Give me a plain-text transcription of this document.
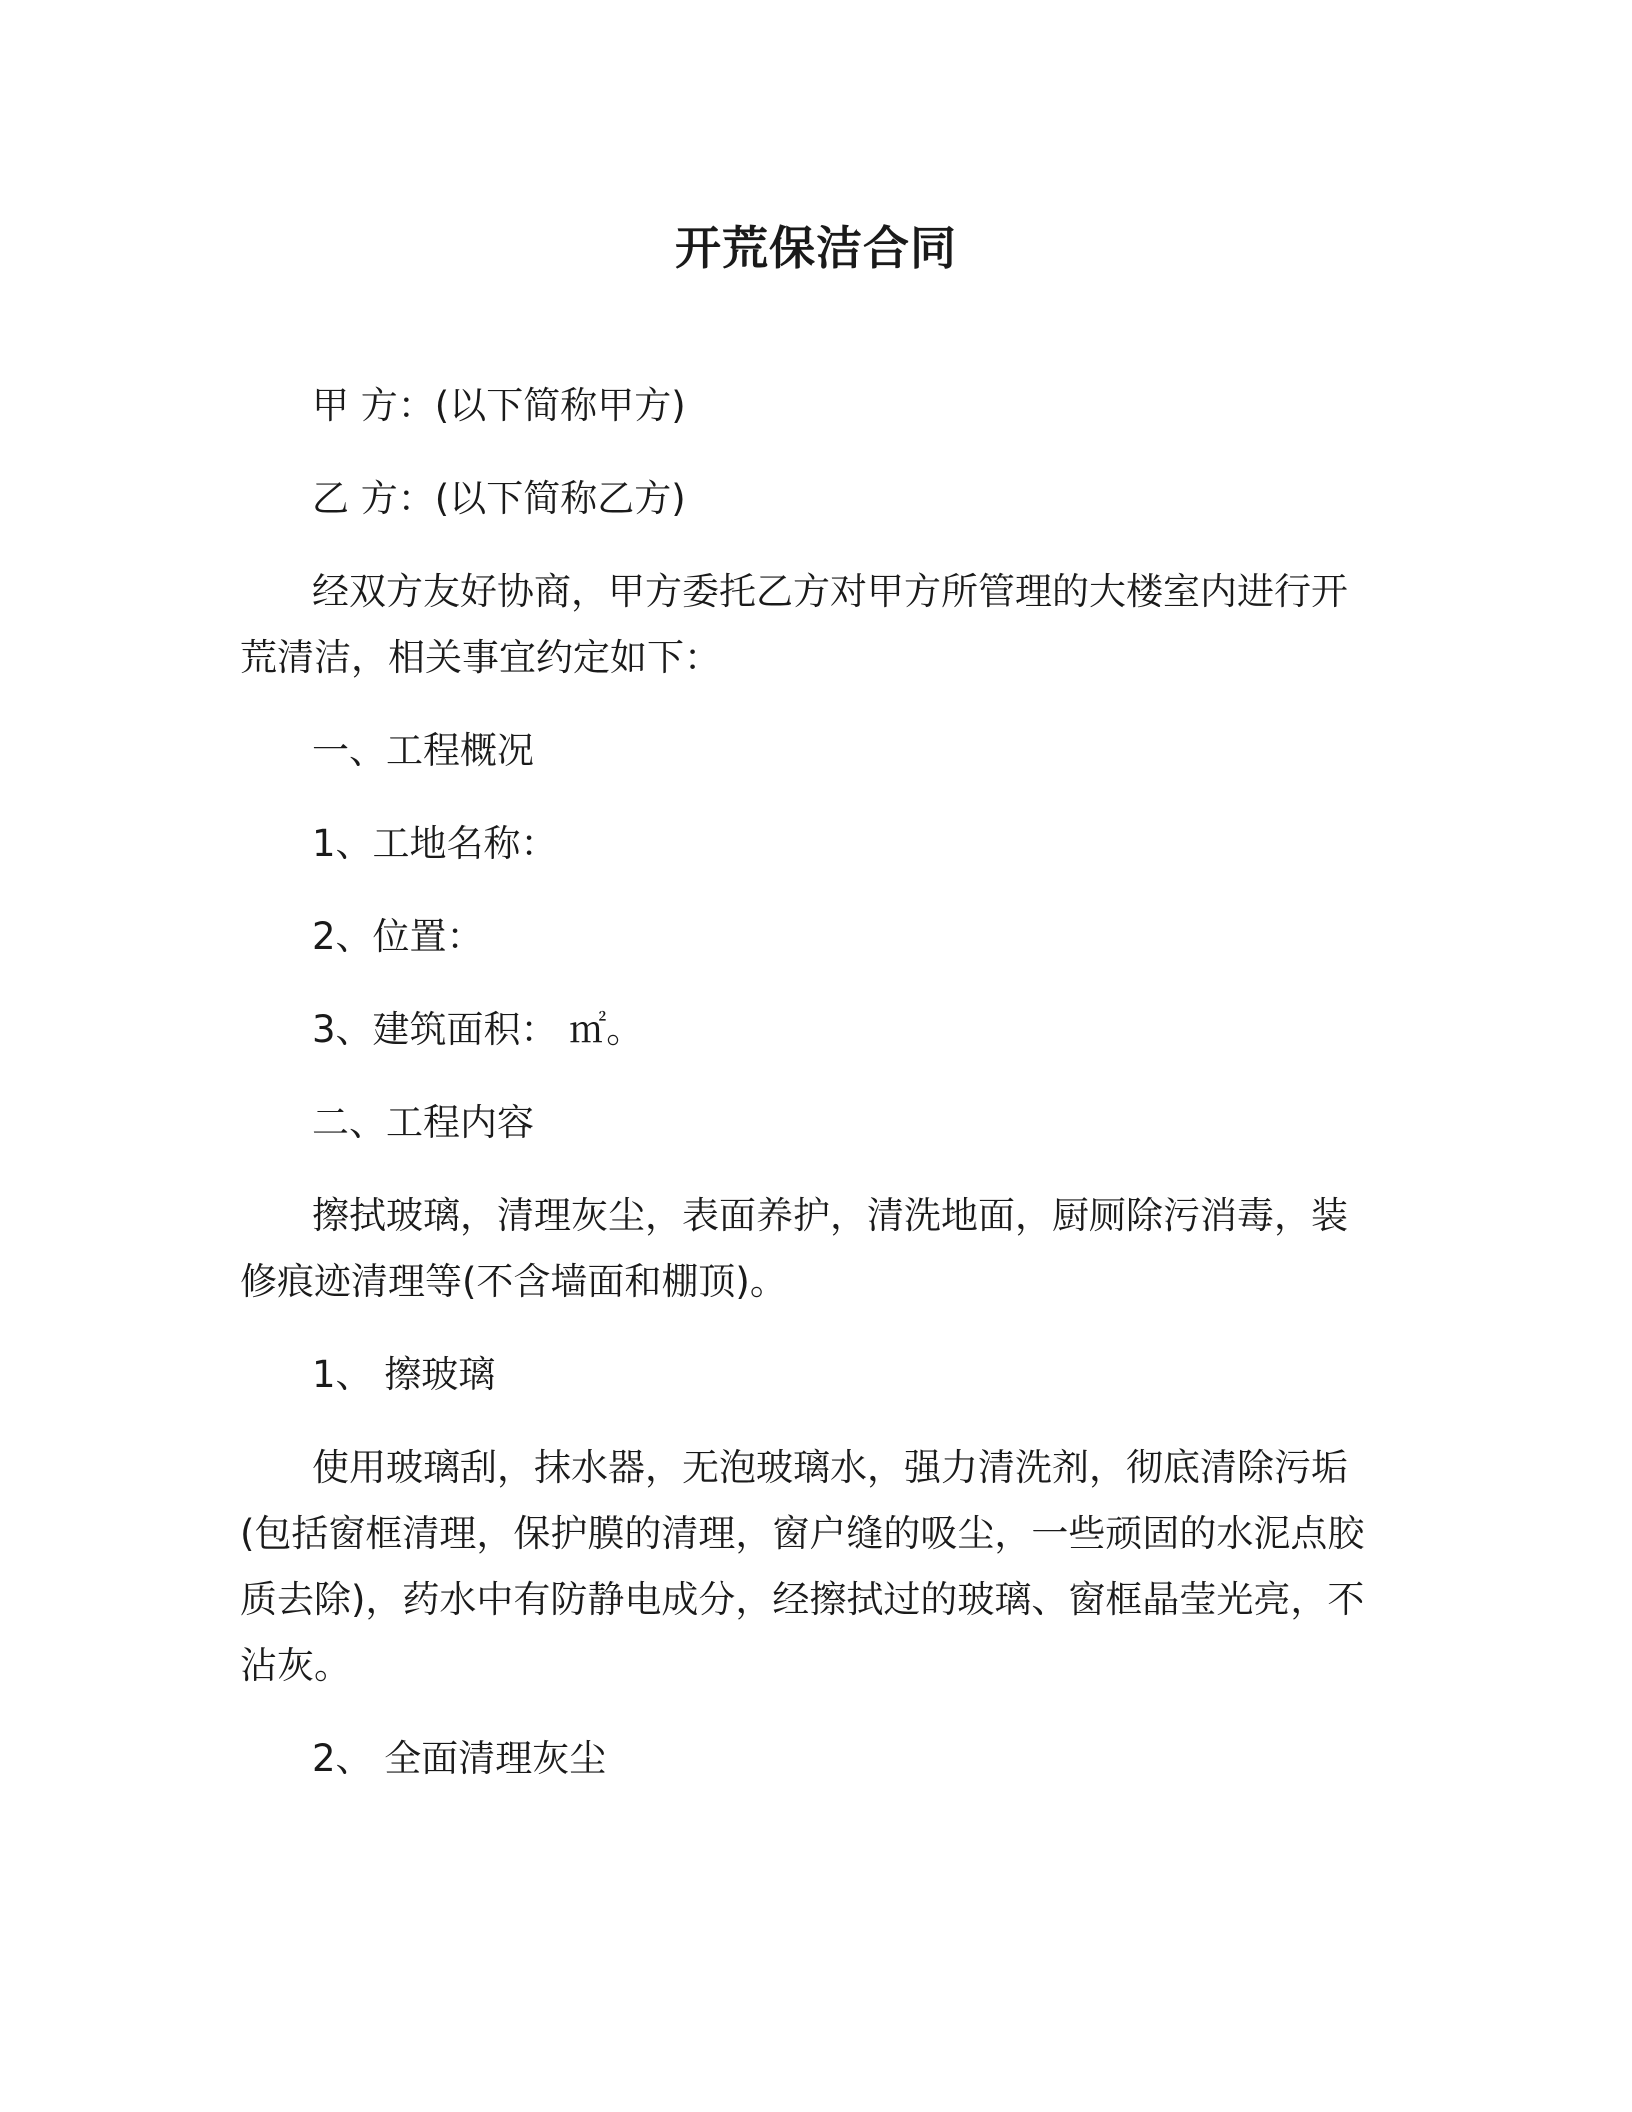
开荒保洁合同
甲 方：(以下简称甲方)
乙 方：(以下简称乙方)
经双方友好协商，甲方委托乙方对甲方所管理的大楼室内进行开
荒清洁，相关事宜约定如下：
一、工程概况
1、工地名称：
2、位置：
3、建筑面积： ㎡。
二、工程内容
擦拭玻璃，清理灰尘，表面养护，清洗地面，厨厕除污消毒，装
修痕迹清理等(不含墙面和棚顶)。
1、 擦玻璃
使用玻璃刮，抹水器，无泡玻璃水，强力清洗剂，彻底清除污垢
(包括窗框清理，保护膜的清理，窗户缝的吸尘，一些顽固的水泥点胶
质去除)，药水中有防静电成分，经擦拭过的玻璃、窗框晶莹光亮，不
沾灰。
2、 全面清理灰尘
